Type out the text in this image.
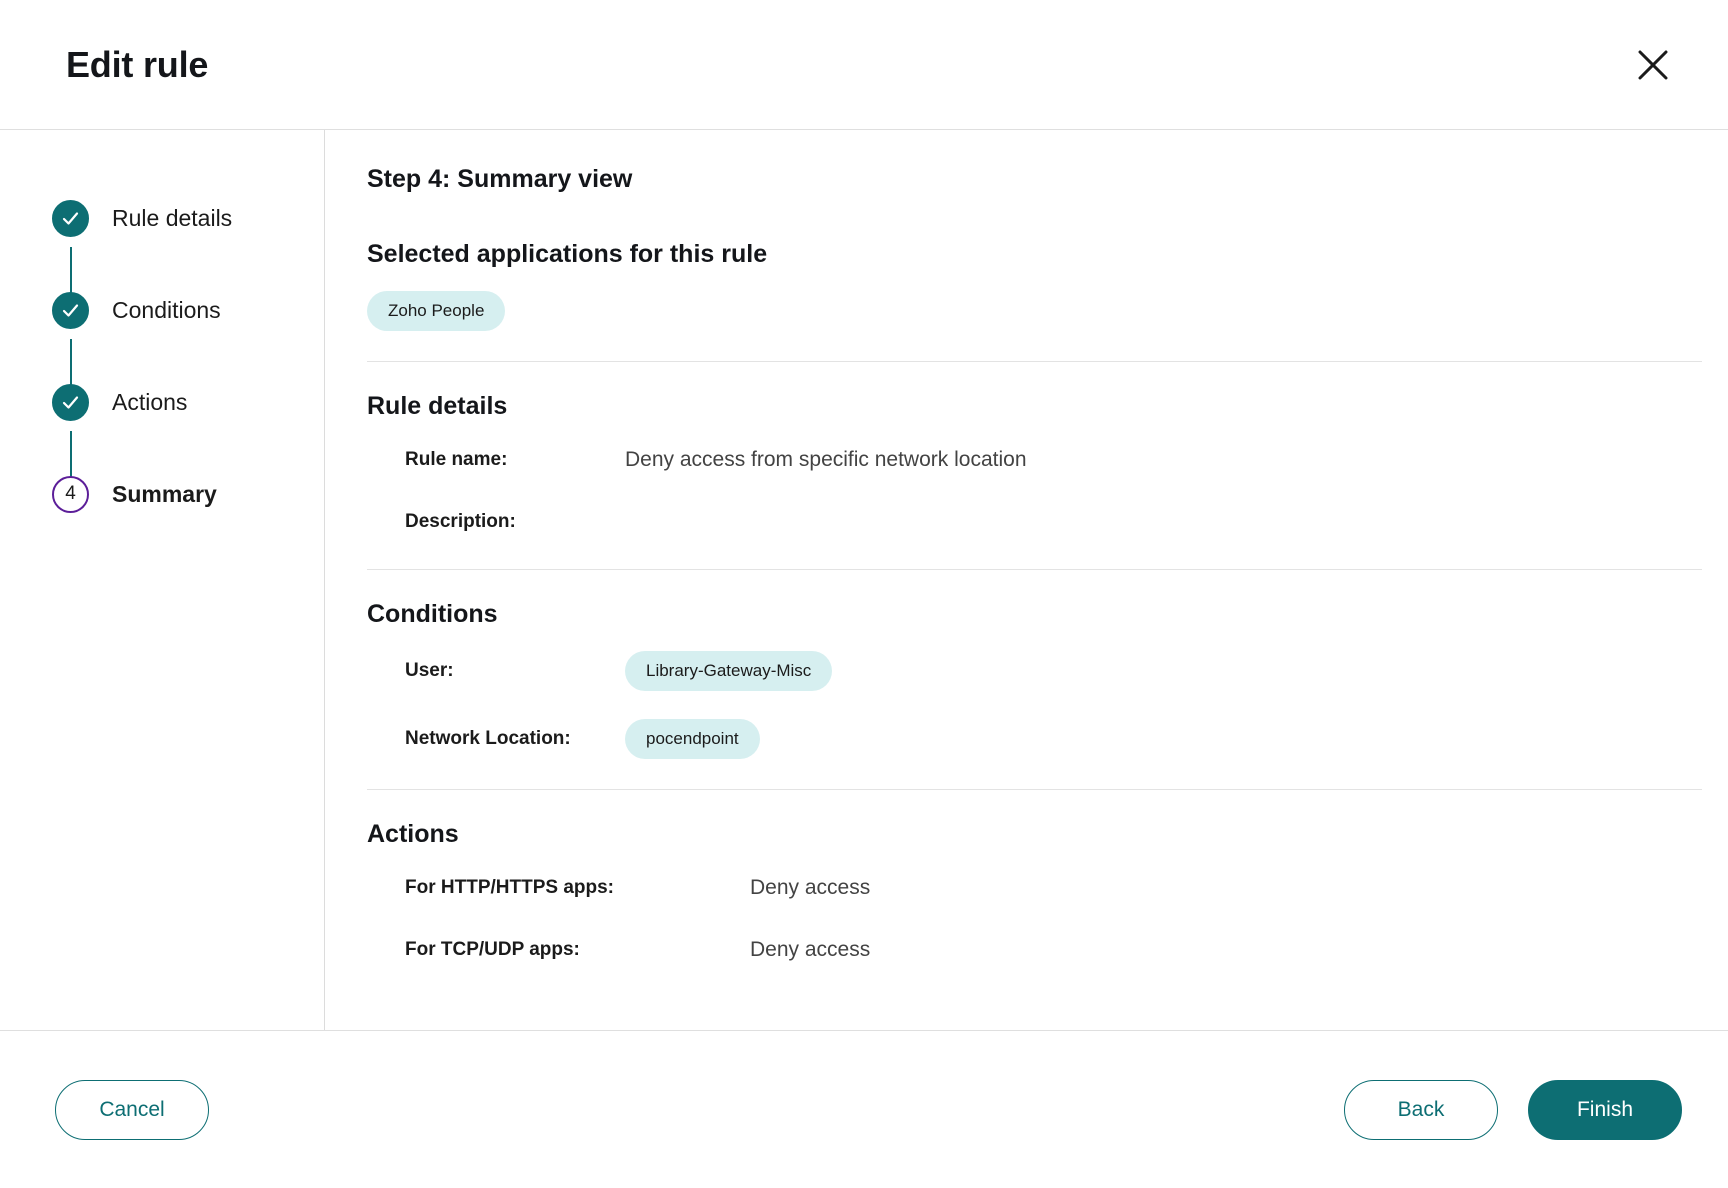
Edit rule
Rule details
Conditions
Actions
4	Summary
Step 4: Summary view
Selected applications for this rule
Zoho People
Rule details
Rule name:	Deny access from specific network location
Description:
Conditions
User:	Library-Gateway-Misc
Network Location:	pocendpoint
Actions
For HTTP/HTTPS apps:	Deny access
For TCP/UDP apps:	Deny access
Cancel	Back	Finish
